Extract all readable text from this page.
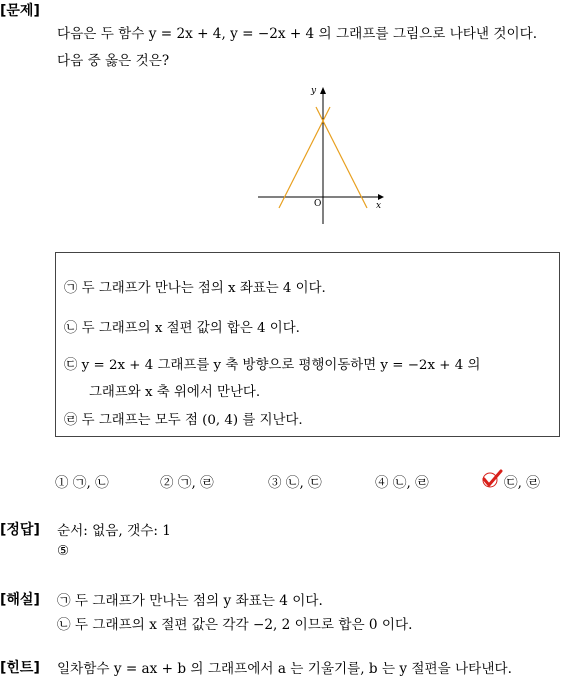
[문제]
다음은 두 함수 y = 2x + 4, y = −2x + 4 의 그래프를 그림으로 나타낸 것이다.
다음 중 옳은 것은?
y
x
O
㉠ 두 그래프가 만나는 점의 x 좌표는 4 이다.
㉡ 두 그래프의 x 절편 값의 합은 4 이다.
㉢ y = 2x + 4 그래프를 y 축 방향으로 평행이동하면 y = −2x + 4 의
그래프와 x 축 위에서 만난다.
㉣ 두 그래프는 모두 점 (0, 4) 를 지난다.
① ㉠, ㉡	② ㉠, ㉣	③ ㉡, ㉢	④ ㉡, ㉣	㉢, ㉣
[정답] 순서: 없음, 갯수: 1
⑤
[해설] ㉠ 두 그래프가 만나는 점의 y 좌표는 4 이다.
㉡ 두 그래프의 x 절편 값은 각각 −2, 2 이므로 합은 0 이다.
[힌트] 일차함수 y = ax + b 의 그래프에서 a 는 기울기를, b 는 y 절편을 나타낸다.
